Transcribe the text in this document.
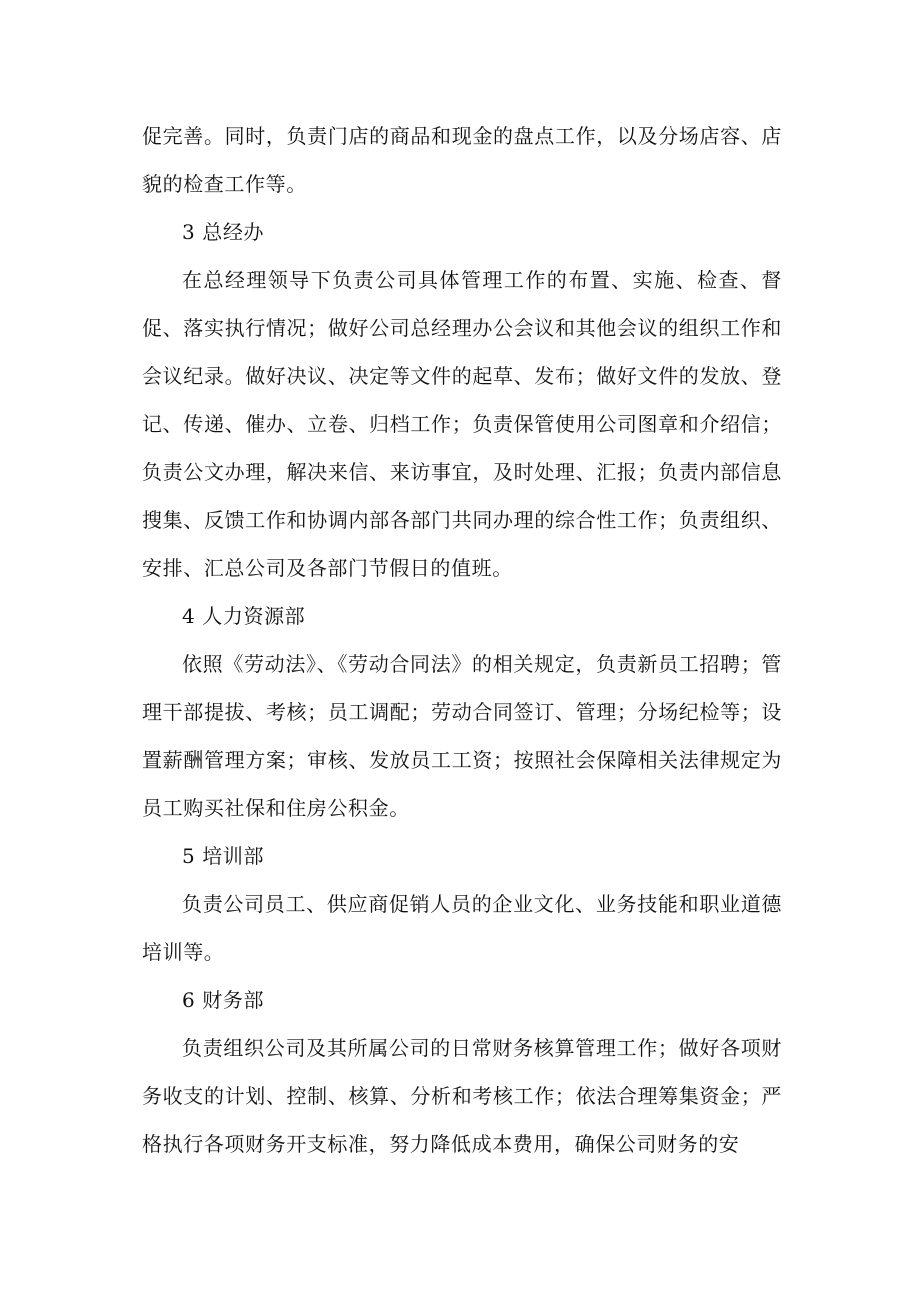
促完善。同时，负责门店的商品和现金的盘点工作，以及分场店容、店貌的检查工作等。

3 总经办

在总经理领导下负责公司具体管理工作的布置、实施、检查、督促、落实执行情况；做好公司总经理办公会议和其他会议的组织工作和会议纪录。做好决议、决定等文件的起草、发布；做好文件的发放、登记、传递、催办、立卷、归档工作；负责保管使用公司图章和介绍信；负责公文办理，解决来信、来访事宜，及时处理、汇报；负责内部信息搜集、反馈工作和协调内部各部门共同办理的综合性工作；负责组织、安排、汇总公司及各部门节假日的值班。

4 人力资源部

依照《劳动法》、《劳动合同法》的相关规定，负责新员工招聘；管理干部提拔、考核；员工调配；劳动合同签订、管理；分场纪检等；设置薪酬管理方案；审核、发放员工工资；按照社会保障相关法律规定为员工购买社保和住房公积金。

5 培训部

负责公司员工、供应商促销人员的企业文化、业务技能和职业道德培训等。

6 财务部

负责组织公司及其所属公司的日常财务核算管理工作；做好各项财务收支的计划、控制、核算、分析和考核工作；依法合理筹集资金；严格执行各项财务开支标准，努力降低成本费用，确保公司财务的安
